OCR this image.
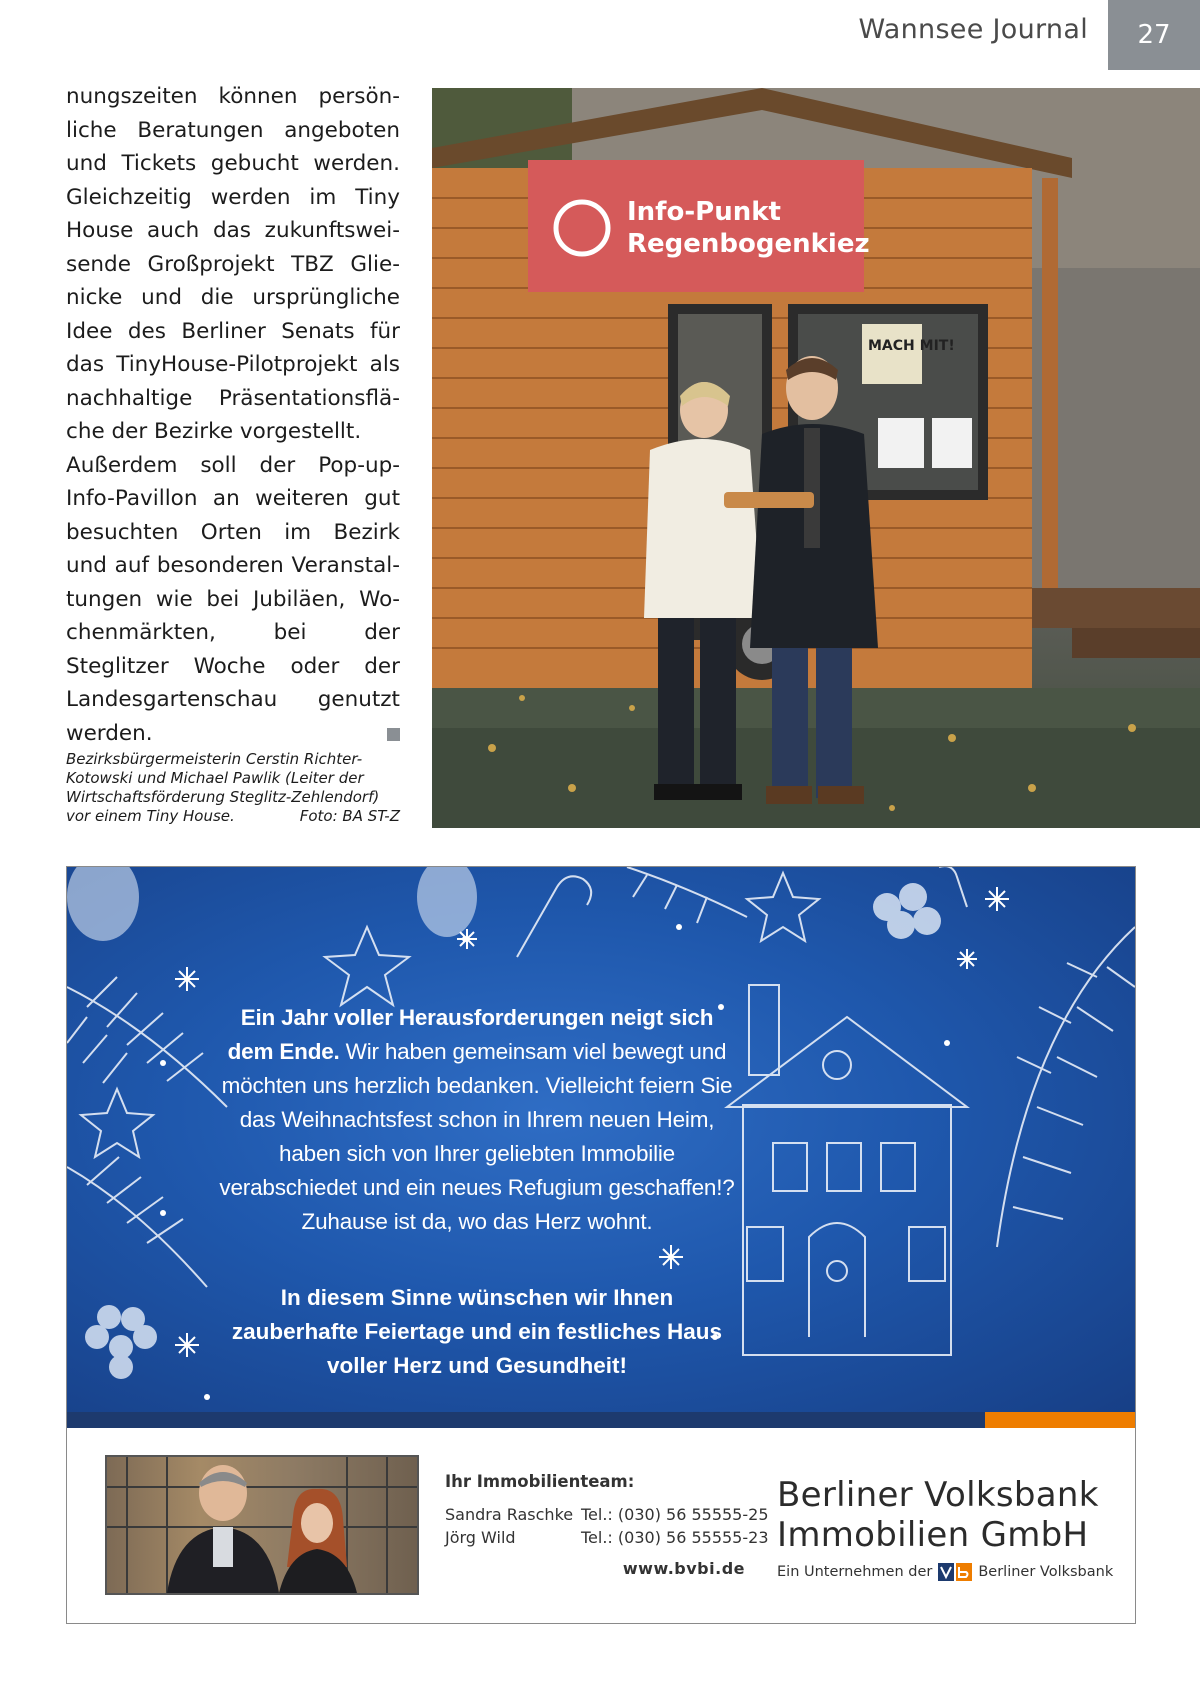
Wannsee Journal	27

nungszeiten können persönliche Beratungen angeboten und Tickets gebucht werden. Gleichzeitig werden im Tiny House auch das zukunftsweisende Großprojekt TBZ Glienicke und die ursprüngliche Idee des Berliner Senats für das TinyHouse-Pilotprojekt als nachhaltige Präsentationsfläche der Bezirke vorgestellt.

Außerdem soll der Pop-up-Info-Pavillon an weiteren gut besuchten Orten im Bezirk und auf besonderen Veranstaltungen wie bei Jubiläen, Wochenmärkten, bei der Steglitzer Woche oder der Landesgartenschau genutzt werden.

Bezirksbürgermeisterin Cerstin Richter-Kotowski und Michael Pawlik (Leiter der Wirtschaftsförderung Steglitz-Zehlendorf) vor einem Tiny House.	Foto: BA ST-Z
Info-Punkt
Regenbogenkiez
MACH MIT!
Ein Jahr voller Herausforderungen neigt sich dem Ende. Wir haben gemeinsam viel bewegt und möchten uns herzlich bedanken. Vielleicht feiern Sie das Weihnachtsfest schon in Ihrem neuen Heim, haben sich von Ihrer geliebten Immobilie verabschiedet und ein neues Refugium geschaffen!? Zuhause ist da, wo das Herz wohnt.
In diesem Sinne wünschen wir Ihnen zauberhafte Feiertage und ein festliches Haus voller Herz und Gesundheit!
Ihr Immobilienteam:
Sandra Raschke Tel.: (030) 56 55555-25
Jörg Wild	Tel.: (030) 56 55555-23
www.bvbi.de
Berliner Volksbank
Immobilien GmbH
Ein Unternehmen der	Berliner Volksbank
